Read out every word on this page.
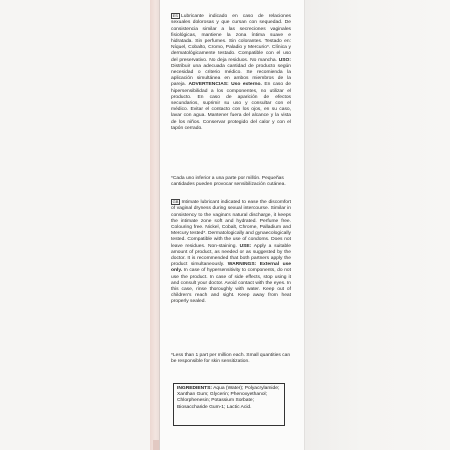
ES Lubricante indicado en caso de relaciones sexuales dolorosas y que cursan con sequedad. De consistencia similar a las secreciones vaginales fisiológicas, mantiene la zona íntima suave e hidratada. Sin perfumes. Sin colorantes. Testado en: Níquel, Cobalto, Cromo, Paladio y Mercurio*. Clínica y dermatológicamente testado. Compatible con el uso del preservativo. No deja residuos. No mancha. USO: Distribuir una adecuada cantidad de producto según necesidad o criterio médico. Se recomienda la aplicación simultánea en ambos miembros de la pareja. ADVERTENCIAS: Uso externo. En caso de hipersensibilidad a los componentes, no utilizar el producto. En caso de aparición de efectos secundarios, suprimir su uso y consultar con el médico. Evitar el contacto con los ojos, en su caso, lavar con agua. Mantener fuera del alcance y la vista de los niños. Conservar protegido del calor y con el tapón cerrado.

*Cada uno inferior a una parte por millón. Pequeñas cantidades pueden provocar sensibilización cutánea.

GB Intimate lubricant indicated to ease the discomfort of vaginal dryness during sexual intercourse. Similar in consistency to the vagina's natural discharge, it keeps the intimate zone soft and hydrated. Perfume free. Colouring free. Nickel, Cobalt, Chrome, Palladium and Mercury tested*. Dermatologically and gynaecologically tested. Compatible with the use of condoms. Does not leave residues. Non-staining. USE: Apply a suitable amount of product, as needed or as suggested by the doctor. It is recommended that both partners apply the product simultaneously. WARNINGS: External use only. In case of hypersensitivity to components, do not use the product. In case of side effects, stop using it and consult your doctor. Avoid contact with the eyes. In this case, rinse thoroughly with water. Keep out of children's reach and sight. Keep away from heat properly sealed.

*Less than 1 part per million each. Small quantities can be responsible for skin sensitization.
INGREDIENTS: Aqua (Water); Polyacrylamide; Xanthan Gum; Glycerin; Phenoxyethanol; Chlorphenesin; Potassium Sorbate; Biosaccharide Gum-1; Lactic Acid.
